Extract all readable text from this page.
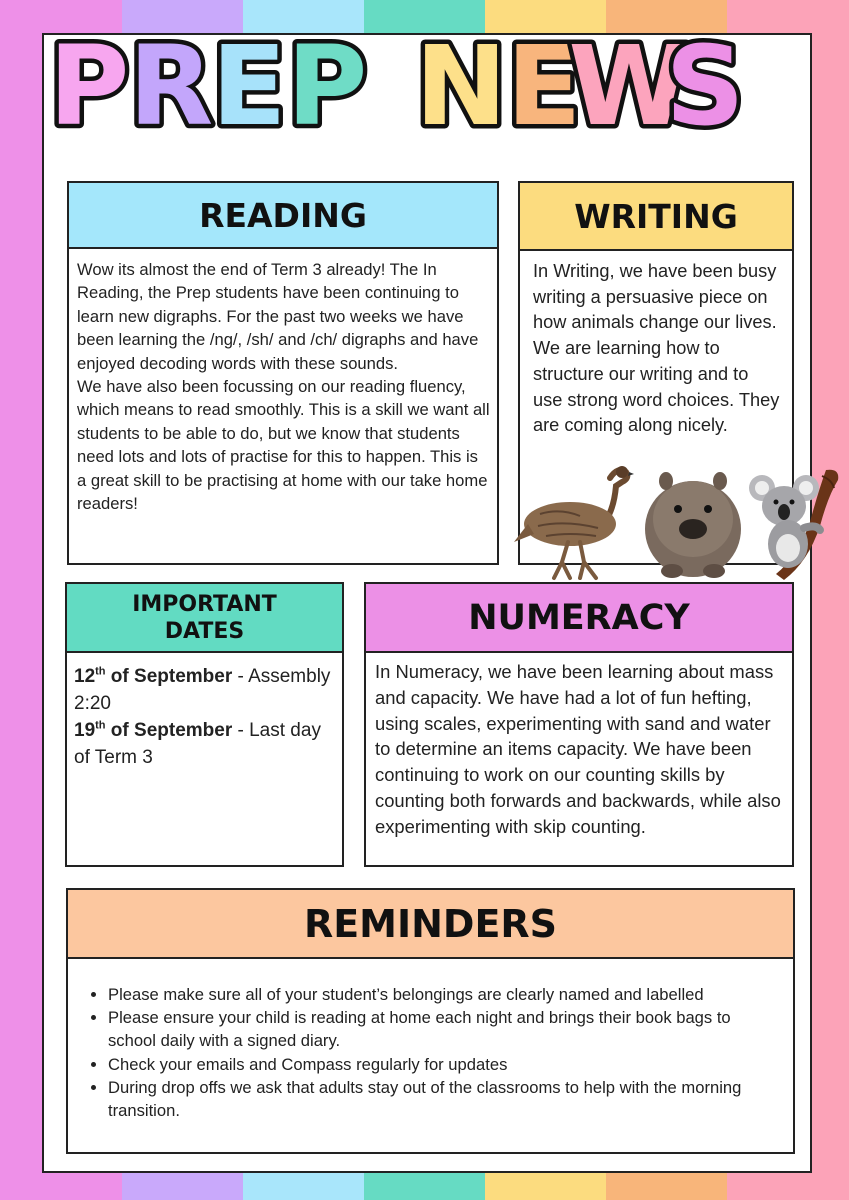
P R E P N E
W
S
READING
Wow its almost the end of Term 3 already! The In Reading, the Prep students have been continuing to learn new digraphs. For the past two weeks we have been learning the /ng/, /sh/ and /ch/ digraphs and have enjoyed decoding words with these sounds.
We have also been focussing on our reading fluency, which means to read smoothly. This is a skill we want all students to be able to do, but we know that students need lots and lots of practise for this to happen. This is a great skill to be practising at home with our take home readers!
WRITING
In Writing, we have been busy writing a persuasive piece on how animals change our lives. We are learning how to structure our writing and to use strong word choices. They are coming along nicely.
IMPORTANT DATES
12th of September - Assembly 2:20
19th of September - Last day of Term 3
NUMERACY
In Numeracy, we have been learning about mass and capacity. We have had a lot of fun hefting, using scales, experimenting with sand and water to determine an items capacity. We have been continuing to work on our counting skills by counting both forwards and backwards, while also experimenting with skip counting.
REMINDERS
• Please make sure all of your student’s belongings are clearly named and labelled
• Please ensure your child is reading at home each night and brings their book bags to school daily with a signed diary.
• Check your emails and Compass regularly for updates
• During drop offs we ask that adults stay out of the classrooms to help with the morning transition.
